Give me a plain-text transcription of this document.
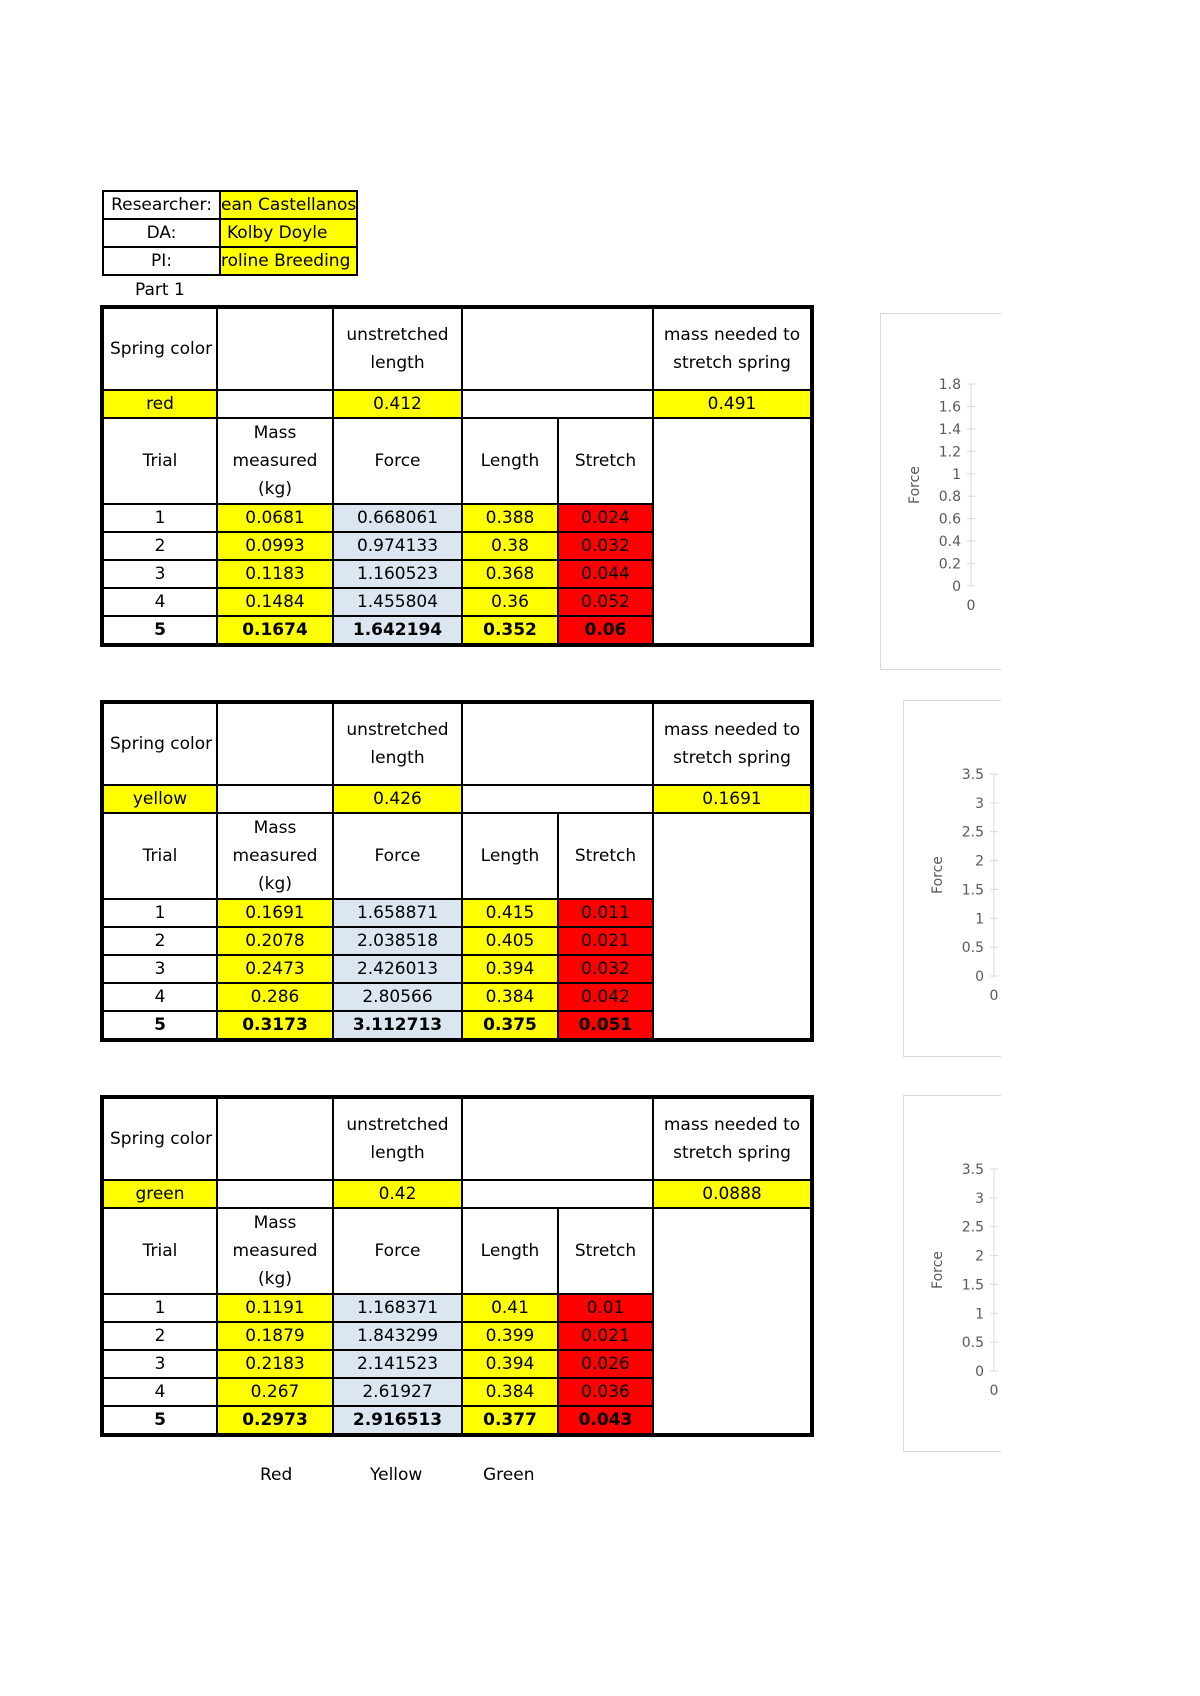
Researcher:	ean Castellanos
DA:	Kolby Doyle
PI:	roline Breeding
Part 1
Spring color		unstretched length			mass needed to stretch spring
red		0.412			0.491
Trial	Mass measured (kg)	Force	Length	Stretch	
1	0.0681	0.668061	0.388	0.024	
2	0.0993	0.974133	0.38	0.032	
3	0.1183	1.160523	0.368	0.044	
4	0.1484	1.455804	0.36	0.052	
5	0.1674	1.642194	0.352	0.06	
Spring color		unstretched length			mass needed to stretch spring
yellow		0.426			0.1691
Trial	Mass measured (kg)	Force	Length	Stretch	
1	0.1691	1.658871	0.415	0.011	
2	0.2078	2.038518	0.405	0.021	
3	0.2473	2.426013	0.394	0.032	
4	0.286	2.80566	0.384	0.042	
5	0.3173	3.112713	0.375	0.051	
Spring color		unstretched length			mass needed to stretch spring
green		0.42			0.0888
Trial	Mass measured (kg)	Force	Length	Stretch	
1	0.1191	1.168371	0.41	0.01	
2	0.1879	1.843299	0.399	0.021	
3	0.2183	2.141523	0.394	0.026	
4	0.267	2.61927	0.384	0.036	
5	0.2973	2.916513	0.377	0.043	
1.8
1.6
1.4
1.2
1
0.8
0.6
0.4
0.2
0
0
Force
3.5
3
2.5
2
1.5
1
0.5
0
0
Force
3.5
3
2.5
2
1.5
1
0.5
0
0
Force
Red	Yellow	Green
